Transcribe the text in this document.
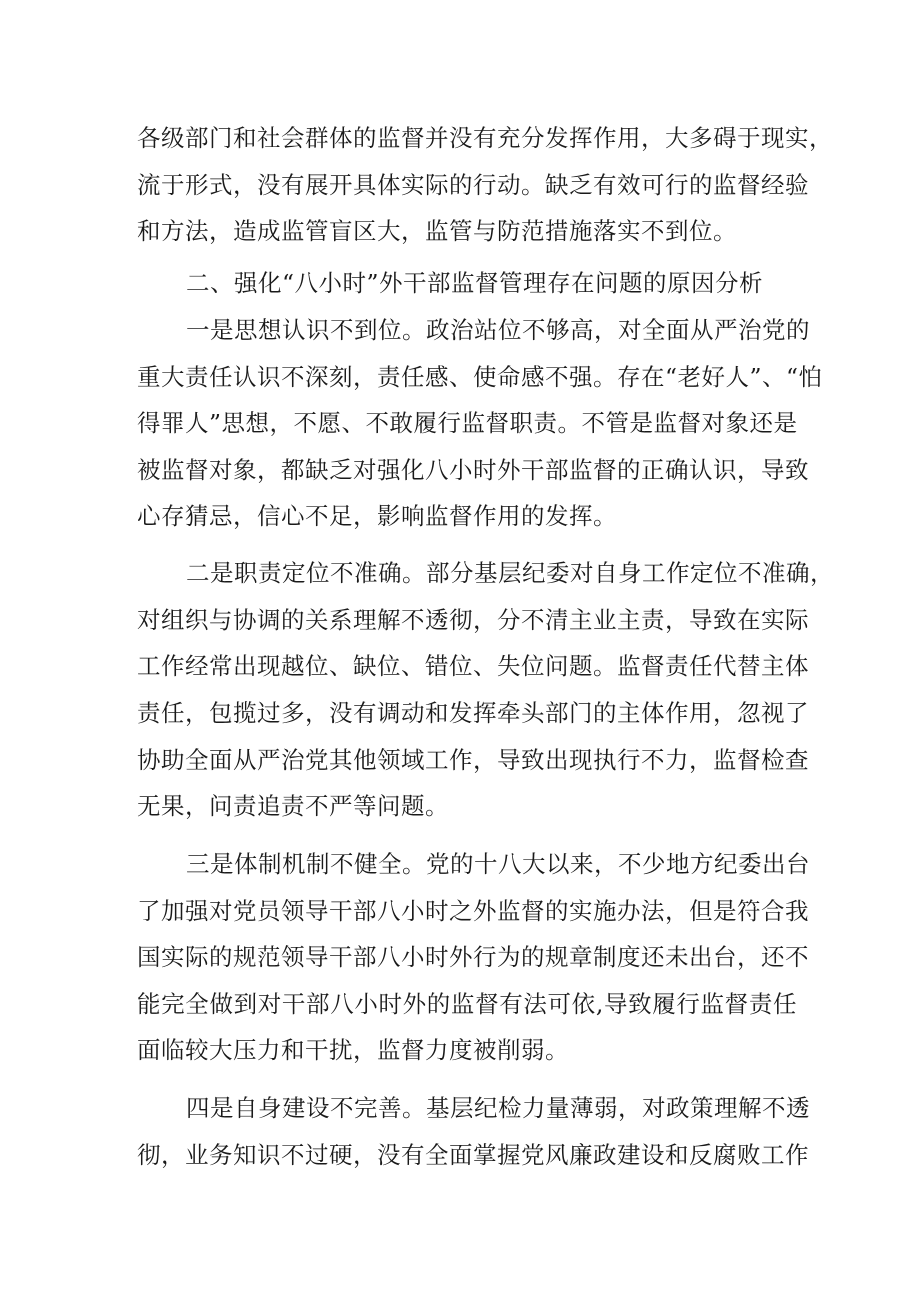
各级部门和社会群体的监督并没有充分发挥作用，大多碍于现实，
流于形式，没有展开具体实际的行动。缺乏有效可行的监督经验
和方法，造成监管盲区大，监管与防范措施落实不到位。
二、强化“八小时”外干部监督管理存在问题的原因分析
一是思想认识不到位。政治站位不够高，对全面从严治党的
重大责任认识不深刻，责任感、使命感不强。存在“老好人”、“怕
得罪人”思想，不愿、不敢履行监督职责。不管是监督对象还是
被监督对象，都缺乏对强化八小时外干部监督的正确认识，导致
心存猜忌，信心不足，影响监督作用的发挥。
二是职责定位不准确。部分基层纪委对自身工作定位不准确，
对组织与协调的关系理解不透彻，分不清主业主责，导致在实际
工作经常出现越位、缺位、错位、失位问题。监督责任代替主体
责任，包揽过多，没有调动和发挥牵头部门的主体作用，忽视了
协助全面从严治党其他领域工作，导致出现执行不力，监督检查
无果，问责追责不严等问题。
三是体制机制不健全。党的十八大以来，不少地方纪委出台
了加强对党员领导干部八小时之外监督的实施办法，但是符合我
国实际的规范领导干部八小时外行为的规章制度还未出台，还不
能完全做到对干部八小时外的监督有法可依,导致履行监督责任
面临较大压力和干扰，监督力度被削弱。
四是自身建设不完善。基层纪检力量薄弱，对政策理解不透
彻，业务知识不过硬，没有全面掌握党风廉政建设和反腐败工作
